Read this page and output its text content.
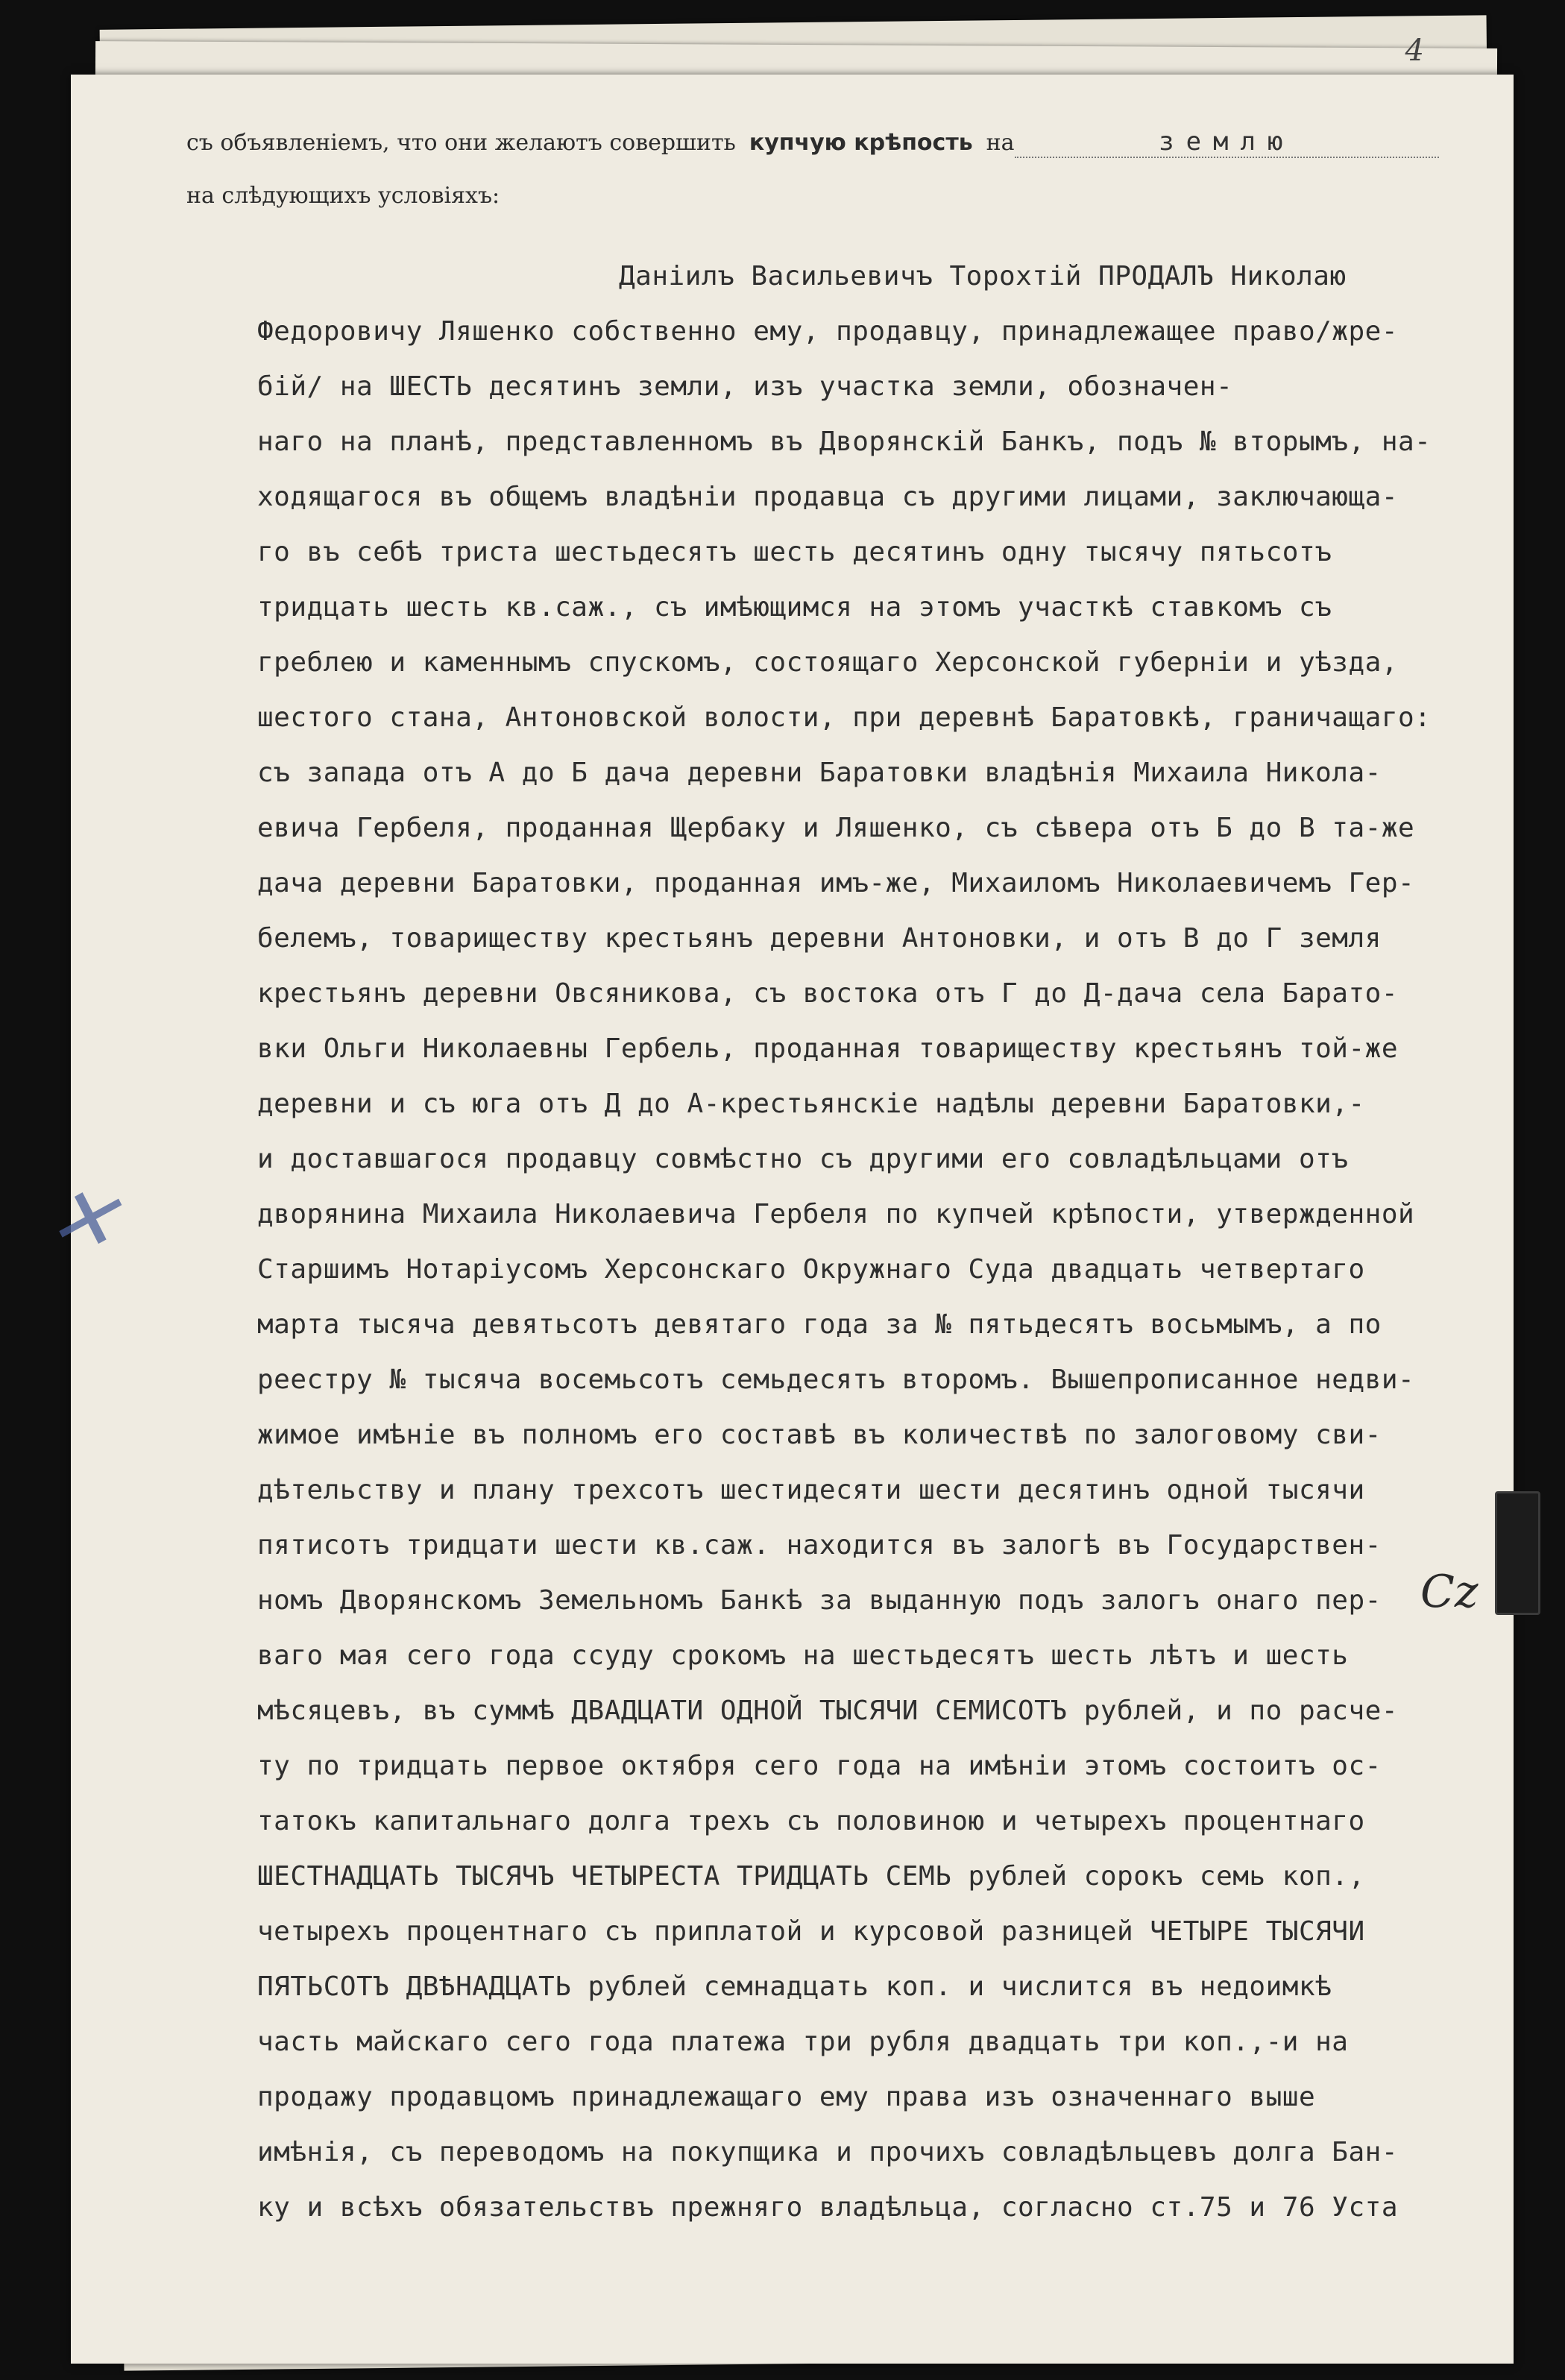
4
✕
Cz
съ объявленіемъ, что они желаютъ совершить купчую крѣпость на	землю
на слѣдующихъ условіяхъ:
Даніилъ Васильевичъ Торохтій ПРОДАЛЪ Николаю
Федоровичу Ляшенко собственно ему, продавцу, принадлежащее право/жре-
бій/ на ШЕСТЬ десятинъ земли, изъ участка земли, обозначен-
наго на планѣ, представленномъ въ Дворянскій Банкъ, подъ № вторымъ, на-
ходящагося въ общемъ владѣніи продавца съ другими лицами, заключающа-
го въ себѣ триста шестьдесятъ шесть десятинъ одну тысячу пятьсотъ
тридцать шесть кв.саж., съ имѣющимся на этомъ участкѣ ставкомъ съ
греблею и каменнымъ спускомъ, состоящаго Херсонской губерніи и уѣзда,
шестого стана, Антоновской волости, при деревнѣ Баратовкѣ, граничащаго:
съ запада отъ А до Б дача деревни Баратовки владѣнія Михаила Никола-
евича Гербеля, проданная Щербаку и Ляшенко, съ сѣвера отъ Б до В та-же
дача деревни Баратовки, проданная имъ-же, Михаиломъ Николаевичемъ Гер-
белемъ, товариществу крестьянъ деревни Антоновки, и отъ В до Г земля
крестьянъ деревни Овсяникова, съ востока отъ Г до Д-дача села Барато-
вки Ольги Николаевны Гербель, проданная товариществу крестьянъ той-же
деревни и съ юга отъ Д до А-крестьянскіе надѣлы деревни Баратовки,-
и доставшагося продавцу совмѣстно съ другими его совладѣльцами отъ
дворянина Михаила Николаевича Гербеля по купчей крѣпости, утвержденной
Старшимъ Нотаріусомъ Херсонскаго Окружнаго Суда двадцать четвертаго
марта тысяча девятьсотъ девятаго года за № пятьдесятъ восьмымъ, а по
реестру № тысяча восемьсотъ семьдесятъ второмъ. Вышепрописанное недви-
жимое имѣніе въ полномъ его составѣ въ количествѣ по залоговому сви-
дѣтельству и плану трехсотъ шестидесяти шести десятинъ одной тысячи
пятисотъ тридцати шести кв.саж. находится въ залогѣ въ Государствен-
номъ Дворянскомъ Земельномъ Банкѣ за выданную подъ залогъ онаго пер-
ваго мая сего года ссуду срокомъ на шестьдесятъ шесть лѣтъ и шесть
мѣсяцевъ, въ суммѣ ДВАДЦАТИ ОДНОЙ ТЫСЯЧИ СЕМИСОТЪ рублей, и по расче-
ту по тридцать первое октября сего года на имѣніи этомъ состоитъ ос-
татокъ капитальнаго долга трехъ съ половиною и четырехъ процентнаго
ШЕСТНАДЦАТЬ ТЫСЯЧЪ ЧЕТЫРЕСТА ТРИДЦАТЬ СЕМЬ рублей сорокъ семь коп.,
четырехъ процентнаго съ приплатой и курсовой разницей ЧЕТЫРЕ ТЫСЯЧИ
ПЯТЬСОТЪ ДВѢНАДЦАТЬ рублей семнадцать коп. и числится въ недоимкѣ
часть майскаго сего года платежа три рубля двадцать три коп.,-и на
продажу продавцомъ принадлежащаго ему права изъ означеннаго выше
имѣнія, съ переводомъ на покупщика и прочихъ совладѣльцевъ долга Бан-
ку и всѣхъ обязательствъ прежняго владѣльца, согласно ст.75 и 76 Уста
